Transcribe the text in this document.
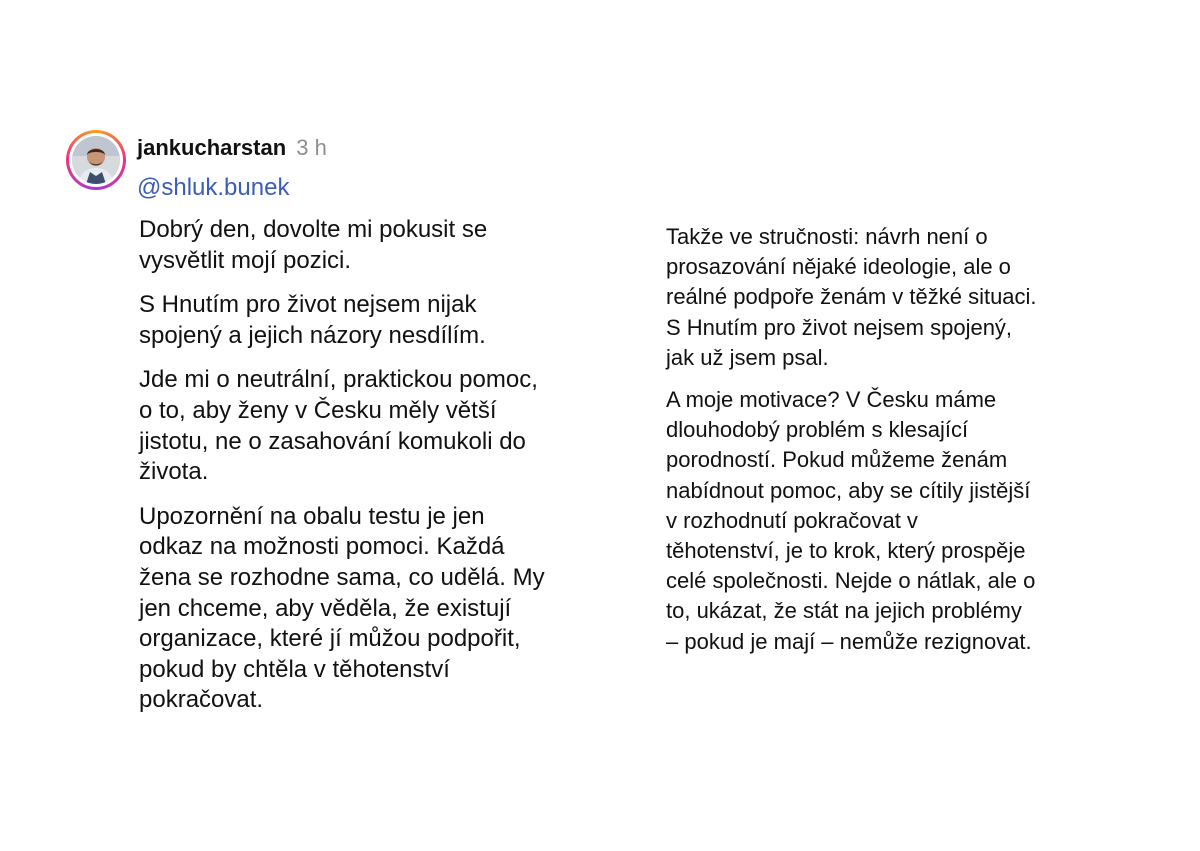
jankucharstan 3 h
@shluk.bunek

Dobrý den, dovolte mi pokusit se
vysvětlit mojí pozici.

S Hnutím pro život nejsem nijak
spojený a jejich názory nesdílím.

Jde mi o neutrální, praktickou pomoc,
o to, aby ženy v Česku měly větší
jistotu, ne o zasahování komukoli do
života.

Upozornění na obalu testu je jen
odkaz na možnosti pomoci. Každá
žena se rozhodne sama, co udělá. My
jen chceme, aby věděla, že existují
organizace, které jí můžou podpořit,
pokud by chtěla v těhotenství
pokračovat.

Takže ve stručnosti: návrh není o
prosazování nějaké ideologie, ale o
reálné podpoře ženám v těžké situaci.
S Hnutím pro život nejsem spojený,
jak už jsem psal.

A moje motivace? V Česku máme
dlouhodobý problém s klesající
porodností. Pokud můžeme ženám
nabídnout pomoc, aby se cítily jistější
v rozhodnutí pokračovat v
těhotenství, je to krok, který prospěje
celé společnosti. Nejde o nátlak, ale o
to, ukázat, že stát na jejich problémy
– pokud je mají – nemůže rezignovat.
